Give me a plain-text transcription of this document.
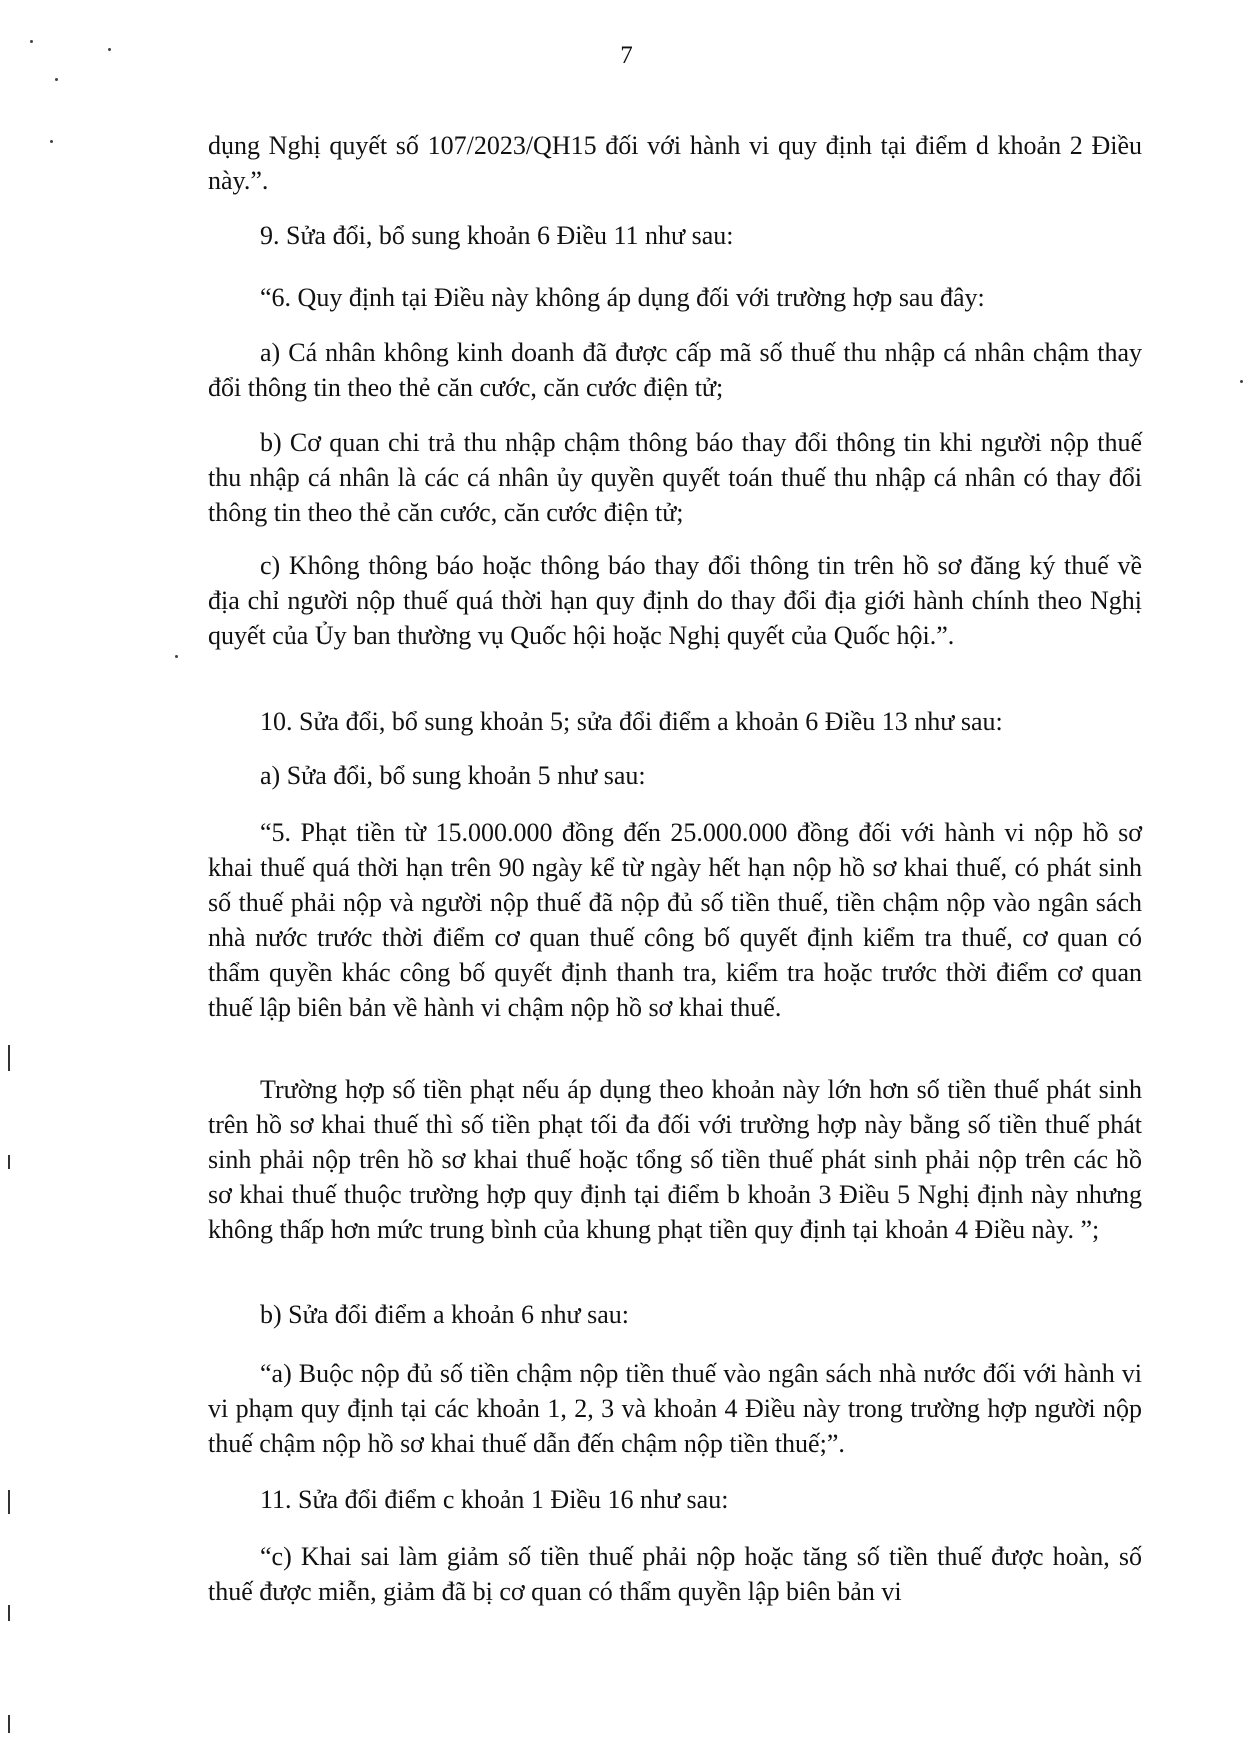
7

dụng Nghị quyết số 107/2023/QH15 đối với hành vi quy định tại điểm d khoản 2 Điều này.”.

9. Sửa đổi, bổ sung khoản 6 Điều 11 như sau:

“6. Quy định tại Điều này không áp dụng đối với trường hợp sau đây:

a) Cá nhân không kinh doanh đã được cấp mã số thuế thu nhập cá nhân chậm thay đổi thông tin theo thẻ căn cước, căn cước điện tử;

b) Cơ quan chi trả thu nhập chậm thông báo thay đổi thông tin khi người nộp thuế thu nhập cá nhân là các cá nhân ủy quyền quyết toán thuế thu nhập cá nhân có thay đổi thông tin theo thẻ căn cước, căn cước điện tử;

c) Không thông báo hoặc thông báo thay đổi thông tin trên hồ sơ đăng ký thuế về địa chỉ người nộp thuế quá thời hạn quy định do thay đổi địa giới hành chính theo Nghị quyết của Ủy ban thường vụ Quốc hội hoặc Nghị quyết của Quốc hội.”.

10. Sửa đổi, bổ sung khoản 5; sửa đổi điểm a khoản 6 Điều 13 như sau:

a) Sửa đổi, bổ sung khoản 5 như sau:

“5. Phạt tiền từ 15.000.000 đồng đến 25.000.000 đồng đối với hành vi nộp hồ sơ khai thuế quá thời hạn trên 90 ngày kể từ ngày hết hạn nộp hồ sơ khai thuế, có phát sinh số thuế phải nộp và người nộp thuế đã nộp đủ số tiền thuế, tiền chậm nộp vào ngân sách nhà nước trước thời điểm cơ quan thuế công bố quyết định kiểm tra thuế, cơ quan có thẩm quyền khác công bố quyết định thanh tra, kiểm tra hoặc trước thời điểm cơ quan thuế lập biên bản về hành vi chậm nộp hồ sơ khai thuế.

Trường hợp số tiền phạt nếu áp dụng theo khoản này lớn hơn số tiền thuế phát sinh trên hồ sơ khai thuế thì số tiền phạt tối đa đối với trường hợp này bằng số tiền thuế phát sinh phải nộp trên hồ sơ khai thuế hoặc tổng số tiền thuế phát sinh phải nộp trên các hồ sơ khai thuế thuộc trường hợp quy định tại điểm b khoản 3 Điều 5 Nghị định này nhưng không thấp hơn mức trung bình của khung phạt tiền quy định tại khoản 4 Điều này. ”;

b) Sửa đổi điểm a khoản 6 như sau:

“a) Buộc nộp đủ số tiền chậm nộp tiền thuế vào ngân sách nhà nước đối với hành vi vi phạm quy định tại các khoản 1, 2, 3 và khoản 4 Điều này trong trường hợp người nộp thuế chậm nộp hồ sơ khai thuế dẫn đến chậm nộp tiền thuế;”.

11. Sửa đổi điểm c khoản 1 Điều 16 như sau:

“c) Khai sai làm giảm số tiền thuế phải nộp hoặc tăng số tiền thuế được hoàn, số thuế được miễn, giảm đã bị cơ quan có thẩm quyền lập biên bản vi
